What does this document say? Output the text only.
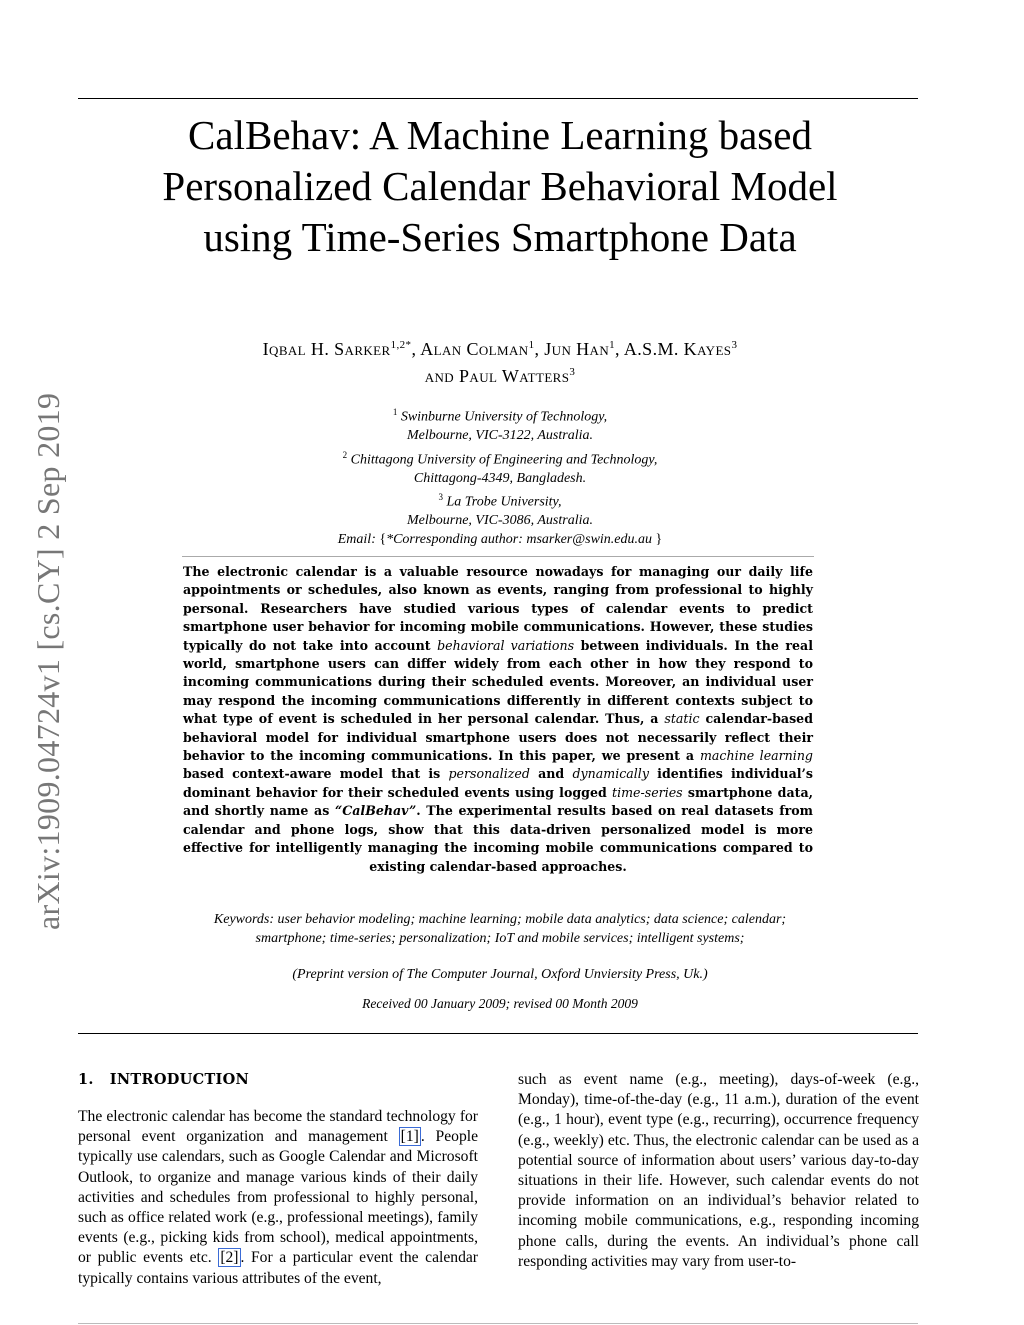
arXiv:1909.04724v1 [cs.CY] 2 Sep 2019
CalBehav: A Machine Learning based Personalized Calendar Behavioral Model using Time-Series Smartphone Data
Iqbal H. Sarker$^{1,2*}$, Alan Colman$^1$, Jun Han$^1$, A.S.M. Kayes$^3$
and Paul Watters$^3$
$^1$ Swinburne University of Technology,
Melbourne, VIC-3122, Australia.
$^2$ Chittagong University of Engineering and Technology,
Chittagong-4349, Bangladesh.
$^3$ La Trobe University,
Melbourne, VIC-3086, Australia.
Email: {*Corresponding author: msarker@swin.edu.au }
The electronic calendar is a valuable resource nowadays for managing our daily life appointments or schedules, also known as events, ranging from professional to highly personal. Researchers have studied various types of calendar events to predict smartphone user behavior for incoming mobile communications. However, these studies typically do not take into account behavioral variations between individuals. In the real world, smartphone users can differ widely from each other in how they respond to incoming communications during their scheduled events. Moreover, an individual user may respond the incoming communications differently in different contexts subject to what type of event is scheduled in her personal calendar. Thus, a static calendar-based behavioral model for individual smartphone users does not necessarily reflect their behavior to the incoming communications. In this paper, we present a machine learning based context-aware model that is personalized and dynamically identifies individual’s dominant behavior for their scheduled events using logged time-series smartphone data, and shortly name as “CalBehav”. The experimental results based on real datasets from calendar and phone logs, show that this data-driven personalized model is more effective for intelligently managing the incoming mobile communications compared to existing calendar-based approaches.
Keywords: user behavior modeling; machine learning; mobile data analytics; data science; calendar; smartphone; time-series; personalization; IoT and mobile services; intelligent systems;
(Preprint version of The Computer Journal, Oxford Unviersity Press, Uk.)
Received 00 January 2009; revised 00 Month 2009
1.   INTRODUCTION
The electronic calendar has become the standard technology for personal event organization and management [1] . People typically use calendars, such as Google Calendar and Microsoft Outlook, to organize and manage various kinds of their daily activities and schedules from professional to highly personal, such as office related work (e.g., professional meetings), family events (e.g., picking kids from school), medical appointments, or public events etc. [2] . For a particular event the calendar typically contains various attributes of the event,
such as event name (e.g., meeting), days-of-week (e.g., Monday), time-of-the-day (e.g., 11 a.m.), duration of the event (e.g., 1 hour), event type (e.g., recurring), occurrence frequency (e.g., weekly) etc. Thus, the electronic calendar can be used as a potential source of information about users’ various day-to-day situations in their life. However, such calendar events do not provide information on an individual’s behavior related to incoming mobile communications, e.g., responding incoming phone calls, during the events. An individual’s phone call responding activities may vary from user-to-
